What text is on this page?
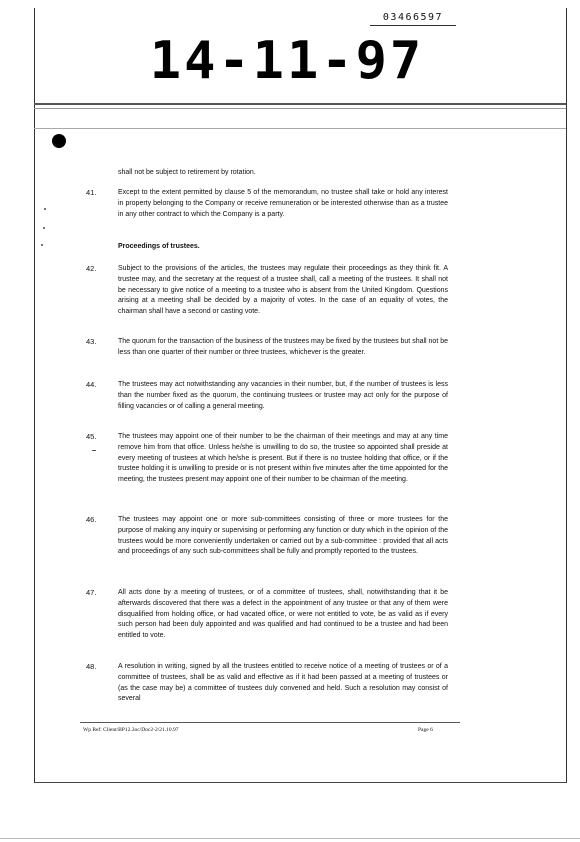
03466597
14-11-97

shall not be subject to retirement by rotation.

41.	Except to the extent permitted by clause 5 of the memorandum, no trustee shall take or hold any interest in property belonging to the Company or receive remuneration or be interested otherwise than as a trustee in any other contract to which the Company is a party.

Proceedings of trustees.
42.	Subject to the provisions of the articles, the trustees may regulate their proceedings as they think fit. A trustee may, and the secretary at the request of a trustee shall, call a meeting of the trustees. It shall not be necessary to give notice of a meeting to a trustee who is absent from the United Kingdom. Questions arising at a meeting shall be decided by a majority of votes. In the case of an equality of votes, the chairman shall have a second or casting vote.

43.	The quorum for the transaction of the business of the trustees may be fixed by the trustees but shall not be less than one quarter of their number or three trustees, whichever is the greater.

44.	The trustees may act notwithstanding any vacancies in their number, but, if the number of trustees is less than the number fixed as the quorum, the continuing trustees or trustee may act only for the purpose of filling vacancies or of calling a general meeting.

45.	The trustees may appoint one of their number to be the chairman of their meetings and may at any time remove him from that office. Unless he/she is unwilling to do so, the trustee so appointed shall preside at every meeting of trustees at which he/she is present. But if there is no trustee holding that office, or if the trustee holding it is unwilling to preside or is not present within five minutes after the time appointed for the meeting, the trustees present may appoint one of their number to be chairman of the meeting.

46.	The trustees may appoint one or more sub-committees consisting of three or more trustees for the purpose of making any inquiry or supervising or performing any function or duty which in the opinion of the trustees would be more conveniently undertaken or carried out by a sub-committee : provided that all acts and proceedings of any such sub-committees shall be fully and promptly reported to the trustees.

47.	All acts done by a meeting of trustees, or of a committee of trustees, shall, notwithstanding that it be afterwards discovered that there was a defect in the appointment of any trustee or that any of them were disqualified from holding office, or had vacated office, or were not entitled to vote, be as valid as if every such person had been duly appointed and was qualified and had continued to be a trustee and had been entitled to vote.

48.	A resolution in writing, signed by all the trustees entitled to receive notice of a meeting of trustees or of a committee of trustees, shall be as valid and effective as if it had been passed at a meeting of trustees or (as the case may be) a committee of trustees duly convened and held. Such a resolution may consist of several

Wp Ref: Client/BP12.3oc/Doc2-2/21.10.97	Page 6
